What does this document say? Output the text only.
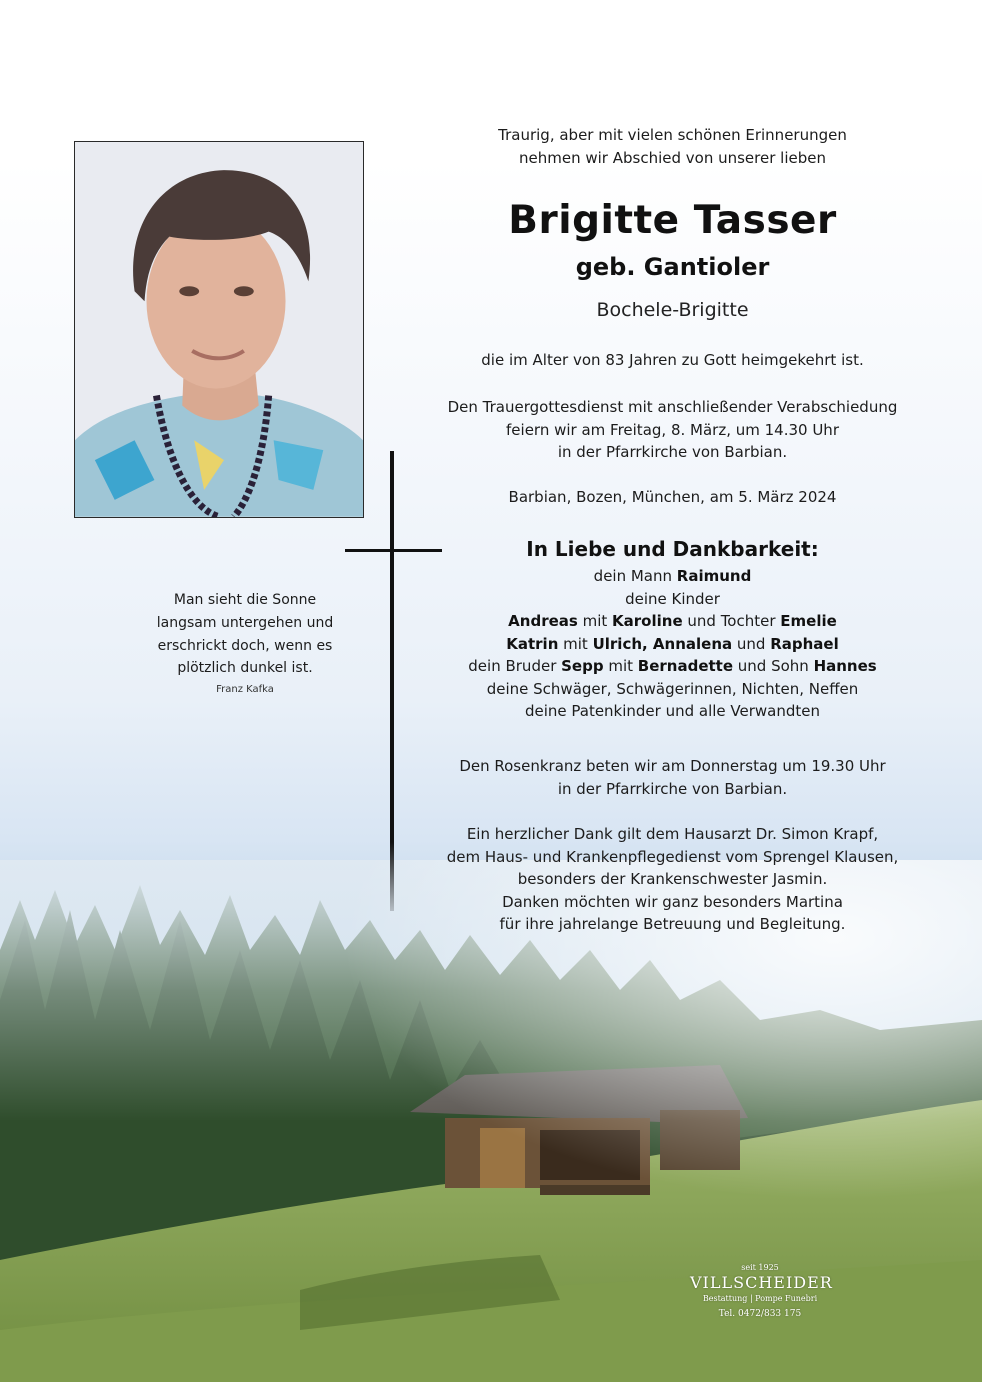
Traurig, aber mit vielen schönen Erinnerungen
nehmen wir Abschied von unserer lieben
Brigitte Tasser
geb. Gantioler
Bochele-Brigitte
die im Alter von 83 Jahren zu Gott heimgekehrt ist.
Den Trauergottesdienst mit anschließender Verabschiedung
feiern wir am Freitag, 8. März, um 14.30 Uhr
in der Pfarrkirche von Barbian.
Barbian, Bozen, München, am 5. März 2024
In Liebe und Dankbarkeit:
dein Mann Raimund
deine Kinder
Andreas mit Karoline und Tochter Emelie
Katrin mit Ulrich, Annalena und Raphael
dein Bruder Sepp mit Bernadette und Sohn Hannes
deine Schwäger, Schwägerinnen, Nichten, Neffen
deine Patenkinder und alle Verwandten
Den Rosenkranz beten wir am Donnerstag um 19.30 Uhr
in der Pfarrkirche von Barbian.
Ein herzlicher Dank gilt dem Hausarzt Dr. Simon Krapf,
dem Haus- und Krankenpflegedienst vom Sprengel Klausen,
besonders der Krankenschwester Jasmin.
Danken möchten wir ganz besonders Martina
für ihre jahrelange Betreuung und Begleitung.
Man sieht die Sonne
langsam untergehen und
erschrickt doch, wenn es
plötzlich dunkel ist.
Franz Kafka
seit 1925
VILLSCHEIDER
Bestattung | Pompe Funebri
Tel. 0472/833 175
